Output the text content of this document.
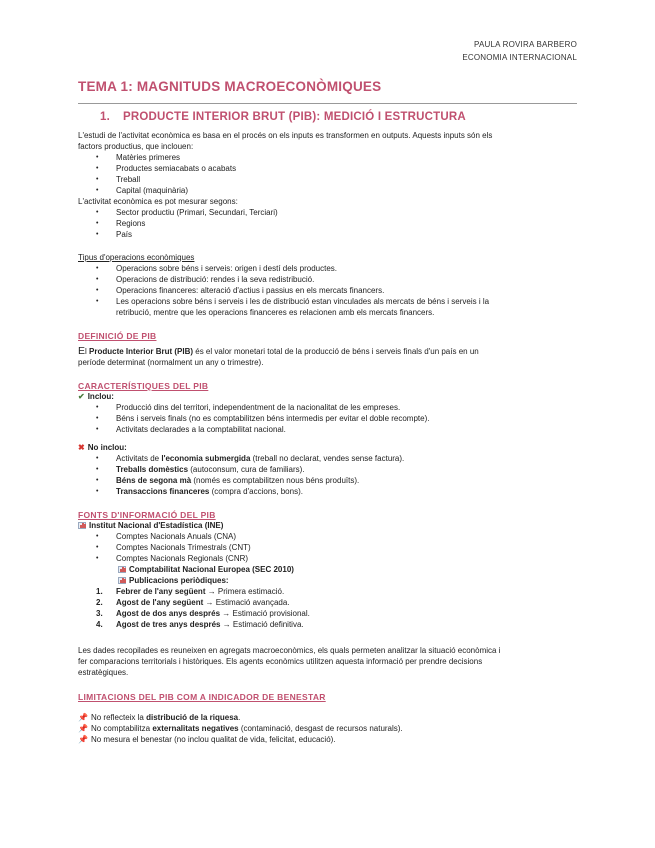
PAULA ROVIRA BARBERO
ECONOMIA INTERNACIONAL
TEMA 1: MAGNITUDS MACROECONÒMIQUES
1. PRODUCTE INTERIOR BRUT (PIB): MEDICIÓ I ESTRUCTURA

L'estudi de l'activitat econòmica es basa en el procés on els inputs es transformen en outputs. Aquests inputs són els
factors productius, que inclouen:

• Matèries primeres
• Productes semiacabats o acabats
• Treball
• Capital (maquinària)

L'activitat econòmica es pot mesurar segons:

• Sector productiu (Primari, Secundari, Terciari)
• Regions
• País

Tipus d'operacions econòmiques

• Operacions sobre béns i serveis: origen i destí dels productes.
• Operacions de distribució: rendes i la seva redistribució.
• Operacions financeres: alteració d'actius i passius en els mercats financers.
• Les operacions sobre béns i serveis i les de distribució estan vinculades als mercats de béns i serveis i la
retribució, mentre que les operacions financeres es relacionen amb els mercats financers.
DEFINICIÓ DE PIB

El Producte Interior Brut (PIB) és el valor monetari total de la producció de béns i serveis finals d'un país en un
període determinat (normalment un any o trimestre).

CARACTERÍSTIQUES DEL PIB
✔ Inclou:
• Producció dins del territori, independentment de la nacionalitat de les empreses.
• Béns i serveis finals (no es comptabilitzen béns intermedis per evitar el doble recompte).
• Activitats declarades a la comptabilitat nacional.
✖ No inclou:
• Activitats de l'economia submergida (treball no declarat, vendes sense factura).
• Treballs domèstics (autoconsum, cura de familiars).
• Béns de segona mà (només es comptabilitzen nous béns produïts).
• Transaccions financeres (compra d'accions, bons).
FONTS D'INFORMACIÓ DEL PIB
Institut Nacional d'Estadística (INE)
• Comptes Nacionals Anuals (CNA)
• Comptes Nacionals Trimestrals (CNT)
• Comptes Nacionals Regionals (CNR)
Comptabilitat Nacional Europea (SEC 2010)
Publicacions periòdiques:
1. Febrer de l'any següent → Primera estimació.
2. Agost de l'any següent → Estimació avançada.
3. Agost de dos anys després → Estimació provisional.
4. Agost de tres anys després → Estimació definitiva.

Les dades recopilades es reuneixen en agregats macroeconòmics, els quals permeten analitzar la situació econòmica i
fer comparacions territorials i històriques. Els agents econòmics utilitzen aquesta informació per prendre decisions
estratègiques.

LIMITACIONS DEL PIB COM A INDICADOR DE BENESTAR
📌 No reflecteix la distribució de la riquesa.
📌 No comptabilitza externalitats negatives (contaminació, desgast de recursos naturals).
📌 No mesura el benestar (no inclou qualitat de vida, felicitat, educació).
